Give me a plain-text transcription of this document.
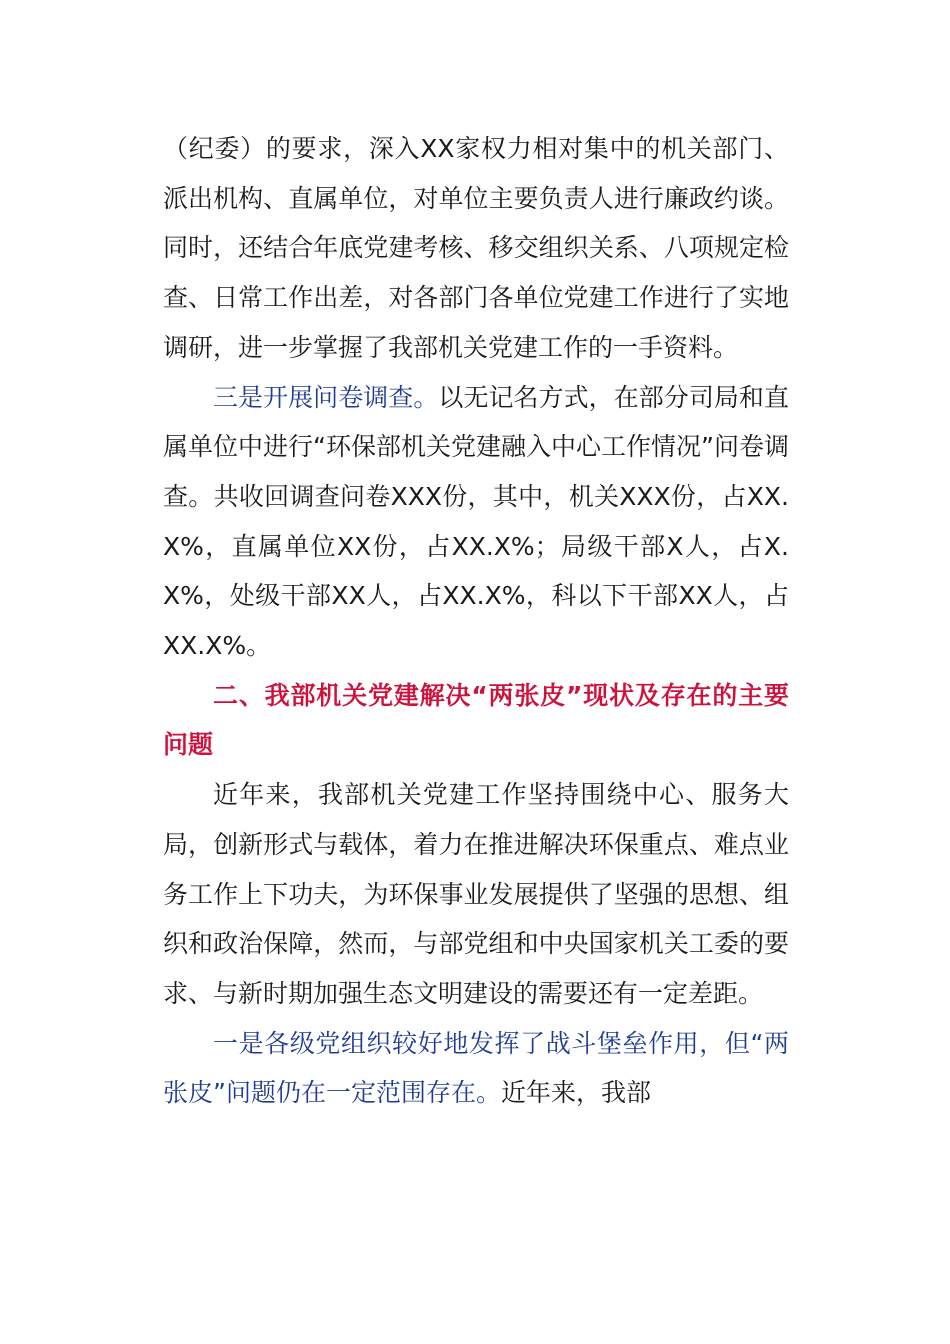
（纪委）的要求，深入XX家权力相对集中的机关部门、派出机构、直属单位，对单位主要负责人进行廉政约谈。同时，还结合年底党建考核、移交组织关系、八项规定检查、日常工作出差，对各部门各单位党建工作进行了实地调研，进一步掌握了我部机关党建工作的一手资料。

三是开展问卷调查。以无记名方式，在部分司局和直属单位中进行“环保部机关党建融入中心工作情况”问卷调查。共收回调查问卷XXX份，其中，机关XXX份，占XX.X%，直属单位XX份，占XX.X%；局级干部X人，占X.X%，处级干部XX人，占XX.X%，科以下干部XX人，占XX.X%。

二、我部机关党建解决“两张皮”现状及存在的主要问题

近年来，我部机关党建工作坚持围绕中心、服务大局，创新形式与载体，着力在推进解决环保重点、难点业务工作上下功夫，为环保事业发展提供了坚强的思想、组织和政治保障，然而，与部党组和中央国家机关工委的要求、与新时期加强生态文明建设的需要还有一定差距。

一是各级党组织较好地发挥了战斗堡垒作用，但“两张皮”问题仍在一定范围存在。近年来，我部
